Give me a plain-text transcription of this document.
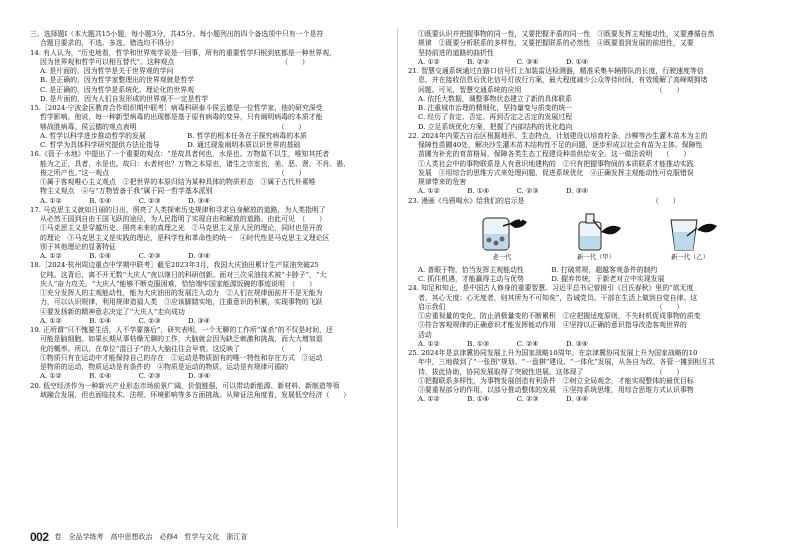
三、选择题Ⅰ（本大题共15小题，每小题3分，共45分。每小题列出的四个备选项中只有一个是符
合题目要求的，不选、多选、错选均不得分）
14. 有人认为，“历史地看，哲学和世界观学说是一回事，所有的重要哲学归根到底都是一种世界观，
因为世界观和哲学可以相互替代”。这种观点　　　　　　　　　　　　　　　　（　　）
A. 是片面的，因为哲学是关于世界观的学问
B. 是正确的，因为哲学家整理出的世界观就是哲学
C. 是正确的，因为哲学是系统化、理论化的世界观
D. 是片面的，因为人们自发形成的世界观不一定是哲学
15.［2024·宁波金区教育合作组织期中联考］病毒科研泰斗侯云德是一位哲学家，他的研究深受
哲学影响。他说，每一种新型病毒的出现都是基于原有病毒的变异，只有阐明病毒的本质才能
够战胜病毒。侯云德的观点表明　　　　　　　　　　　　　　　　　　　　　（　　）
A. 哲学以科学进步推动哲学的发展　　　　　　B. 哲学的根本任务在于探究病毒的本质
C. 哲学为具体科学研究提供方法论指导　　　　D. 通过现象阐明本质以识世界的基础
16.《管子·水地》中提出了一个重要的观点：“是故具者何也，水是也。万物莫不以生，唯知其托者
能为之正，具者，水是也。故曰：水者何也？万物之本原也，诸生之宗室也，美、恶、贤、不肖、愚、
俊之所产也。”这一观点　　　　　　　　　　　　　　　　　　　　　　　　　（　　）
①属于客观唯心主义观点　②把世界的本原归结为某种具体的物质形态　③属于古代朴素唯
物主义观点　④与“万物皆备于我”属于同一哲学基本派别
A. ①②　　　　B. ①④　　　　C. ②③　　　　D. ③④
17. 马克思主义就如日丽的日出，照亮了人类探索历史规律和寻求自身解放的道路，为人类指明了
从必然王国到自由王国飞跃的途径，为人民指明了实现自由和解放的道路。由此可见　（　　）
①马克思主义是穿越历史、照亮未来的真理之光　②马克思主义是人民的理论，同时也是开放
的理论　③马克思主义是实践的理论，是科学性和革命性的统一　④时代性是马克思主义理论区
别于其他理论的显著特征
A. ①②　　　　B. ①④　　　　C. ②③　　　　D. ③④
18.［2024·杭州周边重点中学期中联考］截至2023年3月，我国大庆油田累计生产原油突破25
亿吨。这背后，离不开无数“大庆人”夜以继日的科研创新。面对三次采油技术被“卡脖子”，“大
庆人”奋力攻关。“大庆人”能够不断克服困难，恰恰端牢国家能源饭碗的事迹说明　（　　）
①充分发挥人的主观能动性，能为大庆油田的发展注入动力　②人们在规律面前并不是无能为
力，可以认识规律，利用规律造福人类　③应该脚踏实地，注重意识的积累，实现事物的飞跃
④要发扬新的精神意志决定了“大庆人”走向成功
A. ①②　　　　B. ①④　　　　C. ②③　　　　D. ③④
19. 正所谓“只不愧要生活，人不学要落后”，研究表明，一个无聊的工作所“谋杀”的不仅是时间，还
可能是脑细胞。如果长期从事枯燥无聊的工作，大脑就会因为缺乏刺激和挑战，而大大增加退
化的概率。所以，在单位“混日子”的人大脑往往会早衰。这反映了　　　　　　（　　）
①物质只有在运动中才能保持自己的存在　②运动是物质固有的唯一特性和存在方式　③运动
是物质的运动，物质运动是有条件的　④物质是运动的物质，运动是有规律可循的
A. ①②　　　　B. ①④　　　　C. ②③　　　　D. ③④
20. 低空经济作为一种新兴产业形态市场前景广阔，价值链强，可以带动新能源、新材料、新制造等领
域融合发展，但也面临技术、法规、环境影响等多方面挑战。从辩证法角度看，发展低空经济（　　）
①既要认识并把握事物的同一性，又要把握矛盾的同一性　③既要发挥主观能动性，又要遵循自然
规律　②既要分析联系的多样性，又要把握联系的必然性　④既要看到发展的前进性，又要
坚持前进的道路的曲折性
A. ①②　　　　B. ②③　　　　C. ③④　　　　D. ①④
21. 智慧交通系统通过在路口信号灯上加装雷达检测器，精准采集车辆排队的长度，行驶速度等信
息，并在接收信息后优化信号灯放行方案，最大程度减少公众等待时间，有效缓解了高峰期拥堵
问题。可见，智慧交通系统的应用　　　　　　　　　　　　　　　　　　　　（　　）
A. 依托大数据，调整事物状态建立了新的具体联系
B. 注重城市治理的精细化，坚持量变与质变的统一
C. 经历了肯定、否定、再到否定之否定的发展过程
D. 立足系统优化方案，把握了内部结构的优化趋向
22. 2024年内蒙古自治区根据地形、生态特点，计划建设以培育柠条、沙柳等沙生灌木苗木为主的
保障性苗圃40处，解决沙生灌木苗木结构性不足的问题，逐步形成以社会有苗为主体、保障性
苗圃为补充的育苗格局，保障各类生态工程建设种苗供给安全。这一做法说明　　（　　）
①人类社会中的事物联系是人有意识地建构的　②只有把握事物间的本质联系才能推动实践
发展　③用综合的思维方式来处理问题，促进系统优化　④正确发挥主观能动性可克服错误
规律带来的危害
A. ①②　　　　B. ①④　　　　C. ②③　　　　D. ③④
23. 漫画《乌鸦喝水》给我们的启示是　　　　　　　　　　　　　　　　　　　（　　）
老一代	新一代（甲）	新一代（乙）
A. 普眼于物，恰当发挥主观能动性　　　　B. 打破常规，超越客观条件的制约
C. 抓住机遇，才能赢得主动与优势　　　　D. 握弃传统，于新老对立中实现发展
24. 知足和知止，是中国古人修身的重要智慧。习近平总书记曾援引《吕氏春秋》里的“欲无度
者，其心无度；心无度者，则其所为不可知矣”，告诫党员、干部在生活上做到自觉自律。这
启示我们　　　　　　　　　　　　　　　　　　　　　　　　　　　　　　　（　　）
①应重视量的变化，防止消极量变的不断累积　②应把握适度原则，不失时机促成事物的质变
③符合客观规律的正确意识才能发挥能动作用　④坚持以正确的意识指导改造客观世界的
活动
A. ①②　　　　B. ①③　　　　C. ②④　　　　D. ③④
25. 2024年是京津冀协同发展上升为国家战略10周年。在京津冀协同发展上升为国家战略的10
年中，三地做到了“一张图”规划、“一盘棋”建设、“一体化”发展，从各自为政、各管一摊到相互共
待，拔此协助，协同发展取得了突破性进展。这体现了　　　　　　　　　　　（　　）
①把握联系多样性，为事物发展创造有利条件　②树立全局观念，才能实现整体的最优目标
③要重视部分的作用，以部分推动整体的发展　④坚持系统思维，用综合思维方式认识事物
A. ①②　　　　B. ①④　　　　C. ②③　　　　D. ③④
002 卷　全品学练考　高中思想政治　必修4　哲学与文化　浙江省
